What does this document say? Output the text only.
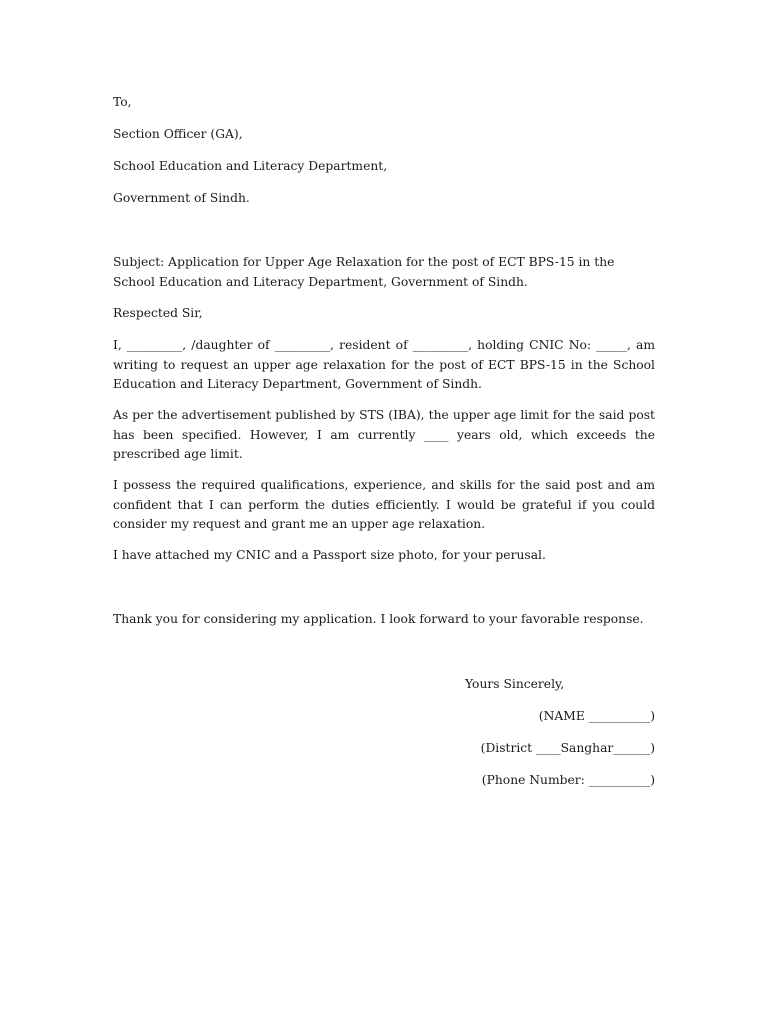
To,
Section Officer (GA),
School Education and Literacy Department,
Government of Sindh.
Subject: Application for Upper Age Relaxation for the post of ECT BPS-15 in the School Education and Literacy Department, Government of Sindh.
Respected Sir,
I, _________, /daughter of _________, resident of _________, holding CNIC No: _____, am writing to request an upper age relaxation for the post of ECT BPS-15 in the School Education and Literacy Department, Government of Sindh.
As per the advertisement published by STS (IBA), the upper age limit for the said post has been specified. However, I am currently ____ years old, which exceeds the prescribed age limit.
I possess the required qualifications, experience, and skills for the said post and am confident that I can perform the duties efficiently. I would be grateful if you could consider my request and grant me an upper age relaxation.
I have attached my CNIC and a Passport size photo, for your perusal.
Thank you for considering my application. I look forward to your favorable response.
Yours Sincerely,
(NAME __________)
(District ____Sanghar______)
(Phone Number: __________)
